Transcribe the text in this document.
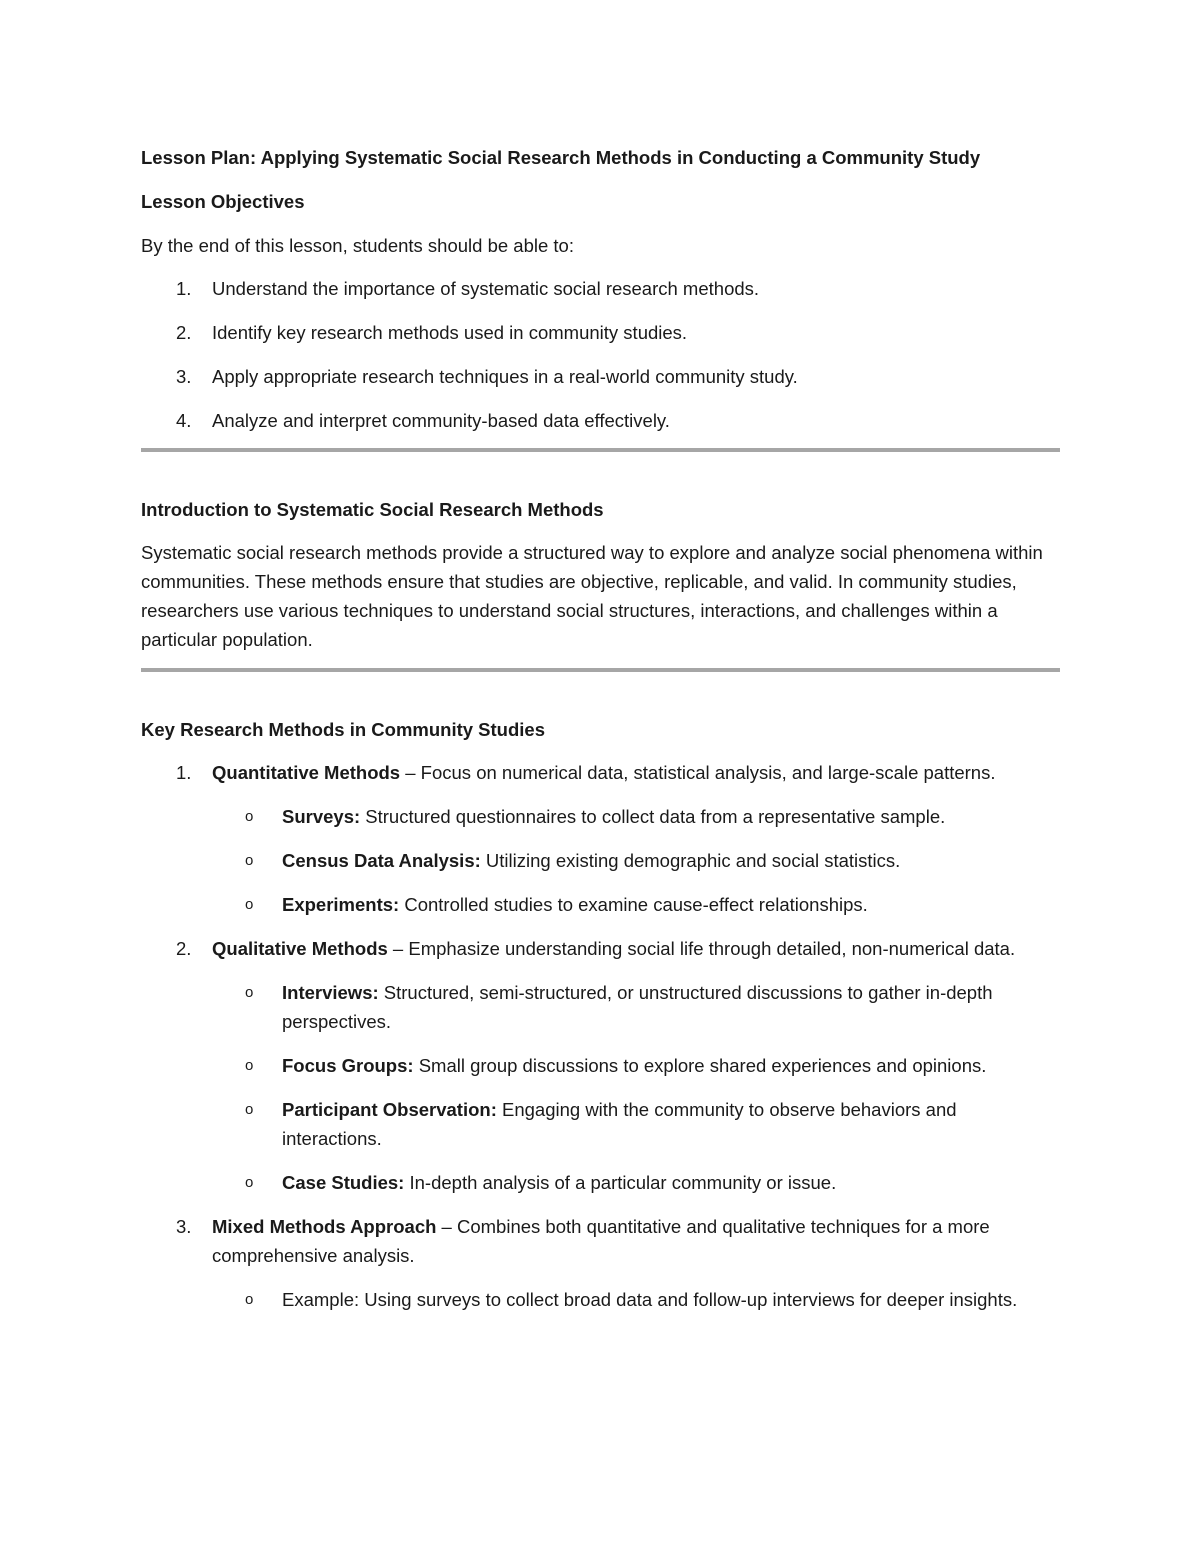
Lesson Plan: Applying Systematic Social Research Methods in Conducting a Community Study

Lesson Objectives

By the end of this lesson, students should be able to:

1.	Understand the importance of systematic social research methods.
2.	Identify key research methods used in community studies.
3.	Apply appropriate research techniques in a real-world community study.
4.	Analyze and interpret community-based data effectively.

Introduction to Systematic Social Research Methods

Systematic social research methods provide a structured way to explore and analyze social phenomena within communities. These methods ensure that studies are objective, replicable, and valid. In community studies, researchers use various techniques to understand social structures, interactions, and challenges within a particular population.

Key Research Methods in Community Studies

1.	Quantitative Methods – Focus on numerical data, statistical analysis, and large-scale patterns.
o	Surveys: Structured questionnaires to collect data from a representative sample.
o	Census Data Analysis: Utilizing existing demographic and social statistics.
o	Experiments: Controlled studies to examine cause-effect relationships.
2.	Qualitative Methods – Emphasize understanding social life through detailed, non-numerical data.
o	Interviews: Structured, semi-structured, or unstructured discussions to gather in-depth perspectives.
o	Focus Groups: Small group discussions to explore shared experiences and opinions.
o	Participant Observation: Engaging with the community to observe behaviors and interactions.
o	Case Studies: In-depth analysis of a particular community or issue.
3.	Mixed Methods Approach – Combines both quantitative and qualitative techniques for a more comprehensive analysis.
o	Example: Using surveys to collect broad data and follow-up interviews for deeper insights.
